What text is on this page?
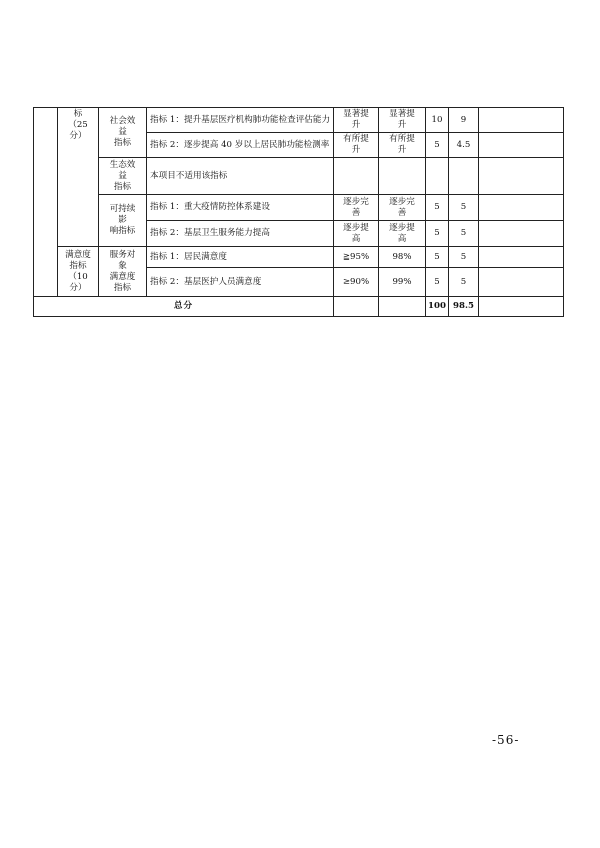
	标
（25
分）	社会效
益
指标	指标 1：提升基层医疗机构肺功能检查评估能力	显著提
升	显著提
升	10	9	
			指标 2：逐步提高 40 岁以上居民肺功能检测率	有所提
升	有所提
升	5	4.5	
		生态效
益
指标	本项目不适用该指标					
		可持续
影
响指标	指标 1：重大疫情防控体系建设	逐步完
善	逐步完
善	5	5	
			指标 2：基层卫生服务能力提高	逐步提
高	逐步提
高	5	5	
	满意度
指标
（10
分）	服务对
象
满意度
指标	指标 1：居民满意度	≧95%	98%	5	5	
			指标 2：基层医护人员满意度	≥90%	99%	5	5	
总分						100	98.5	
-56-
